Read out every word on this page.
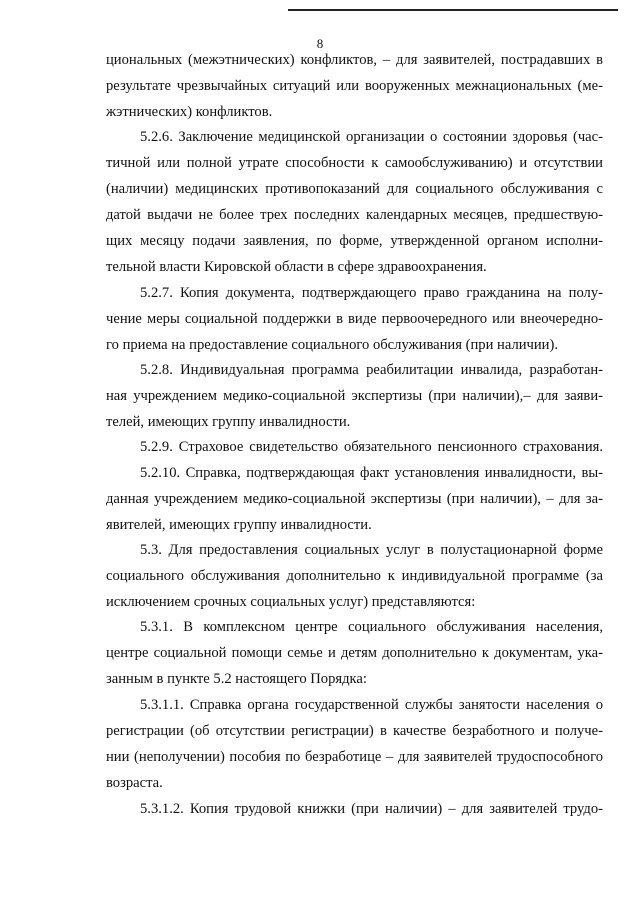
8
циональных (межэтнических) конфликтов, – для заявителей, пострадавших в
результате чрезвычайных ситуаций или вооруженных межнациональных (ме-
жэтнических) конфликтов.
5.2.6. Заключение медицинской организации о состоянии здоровья (час-
тичной или полной утрате способности к самообслуживанию) и отсутствии
(наличии) медицинских противопоказаний для социального обслуживания с
датой выдачи не более трех последних календарных месяцев, предшествую-
щих месяцу подачи заявления, по форме, утвержденной органом исполни-
тельной власти Кировской области в сфере здравоохранения.
5.2.7. Копия документа, подтверждающего право гражданина на полу-
чение меры социальной поддержки в виде первоочередного или внеочередно-
го приема на предоставление социального обслуживания (при наличии).
5.2.8. Индивидуальная программа реабилитации инвалида, разработан-
ная учреждением медико-социальной экспертизы (при наличии),– для заяви-
телей, имеющих группу инвалидности.
5.2.9. Страховое свидетельство обязательного пенсионного страхования.
5.2.10. Справка, подтверждающая факт установления инвалидности, вы-
данная учреждением медико-социальной экспертизы (при наличии), – для за-
явителей, имеющих группу инвалидности.
5.3. Для предоставления социальных услуг в полустационарной форме
социального обслуживания дополнительно к индивидуальной программе (за
исключением срочных социальных услуг) представляются:
5.3.1. В комплексном центре социального обслуживания населения,
центре социальной помощи семье и детям дополнительно к документам, ука-
занным в пункте 5.2 настоящего Порядка:
5.3.1.1. Справка органа государственной службы занятости населения о
регистрации (об отсутствии регистрации) в качестве безработного и получе-
нии (неполучении) пособия по безработице – для заявителей трудоспособного
возраста.
5.3.1.2. Копия трудовой книжки (при наличии) – для заявителей трудо-
